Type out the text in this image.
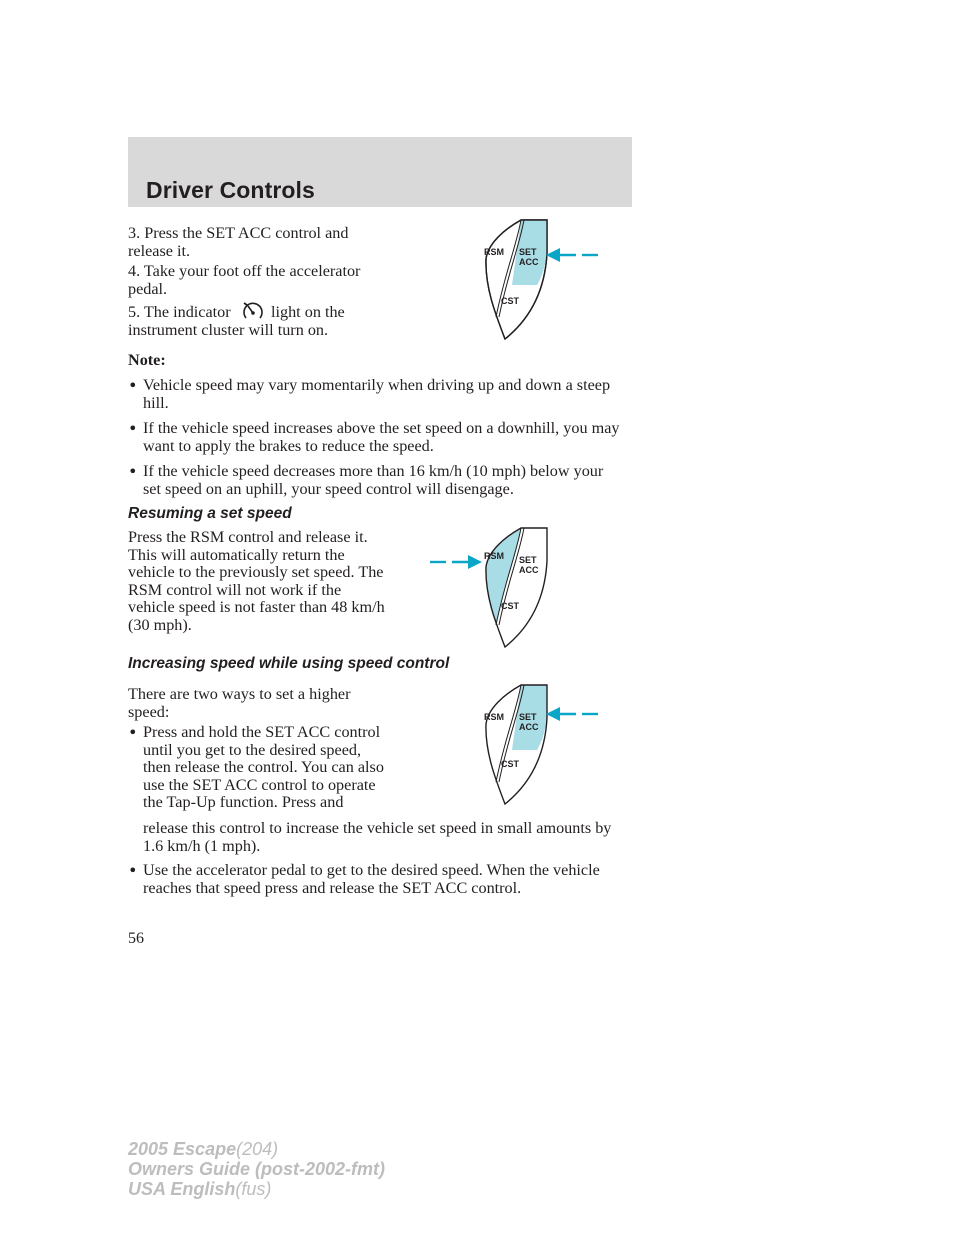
Driver Controls

3. Press the SET ACC control and release it.

4. Take your foot off the accelerator pedal.

5. The indicator light on the
instrument cluster will turn on.
RSM SET
ACC
CST

Note:

• Vehicle speed may vary momentarily when driving up and down a steep hill.

• If the vehicle speed increases above the set speed on a downhill, you may want to apply the brakes to reduce the speed.

• If the vehicle speed decreases more than 16 km/h (10 mph) below your set speed on an uphill, your speed control will disengage.

Resuming a set speed

Press the RSM control and release it. This will automatically return the vehicle to the previously set speed. The RSM control will not work if the vehicle speed is not faster than 48 km/h (30 mph).

RSM SET
ACC
CST
Increasing speed while using speed control

There are two ways to set a higher speed:

• Press and hold the SET ACC control until you get to the desired speed, then release the control. You can also use the SET ACC control to operate the Tap-Up function. Press and

release this control to increase the vehicle set speed in small amounts by 1.6 km/h (1 mph).

• Use the accelerator pedal to get to the desired speed. When the vehicle reaches that speed press and release the SET ACC control.

RSM SET
ACC
CST

56

2005 Escape(204)

Owners Guide (post-2002-fmt)

USA English(fus)
